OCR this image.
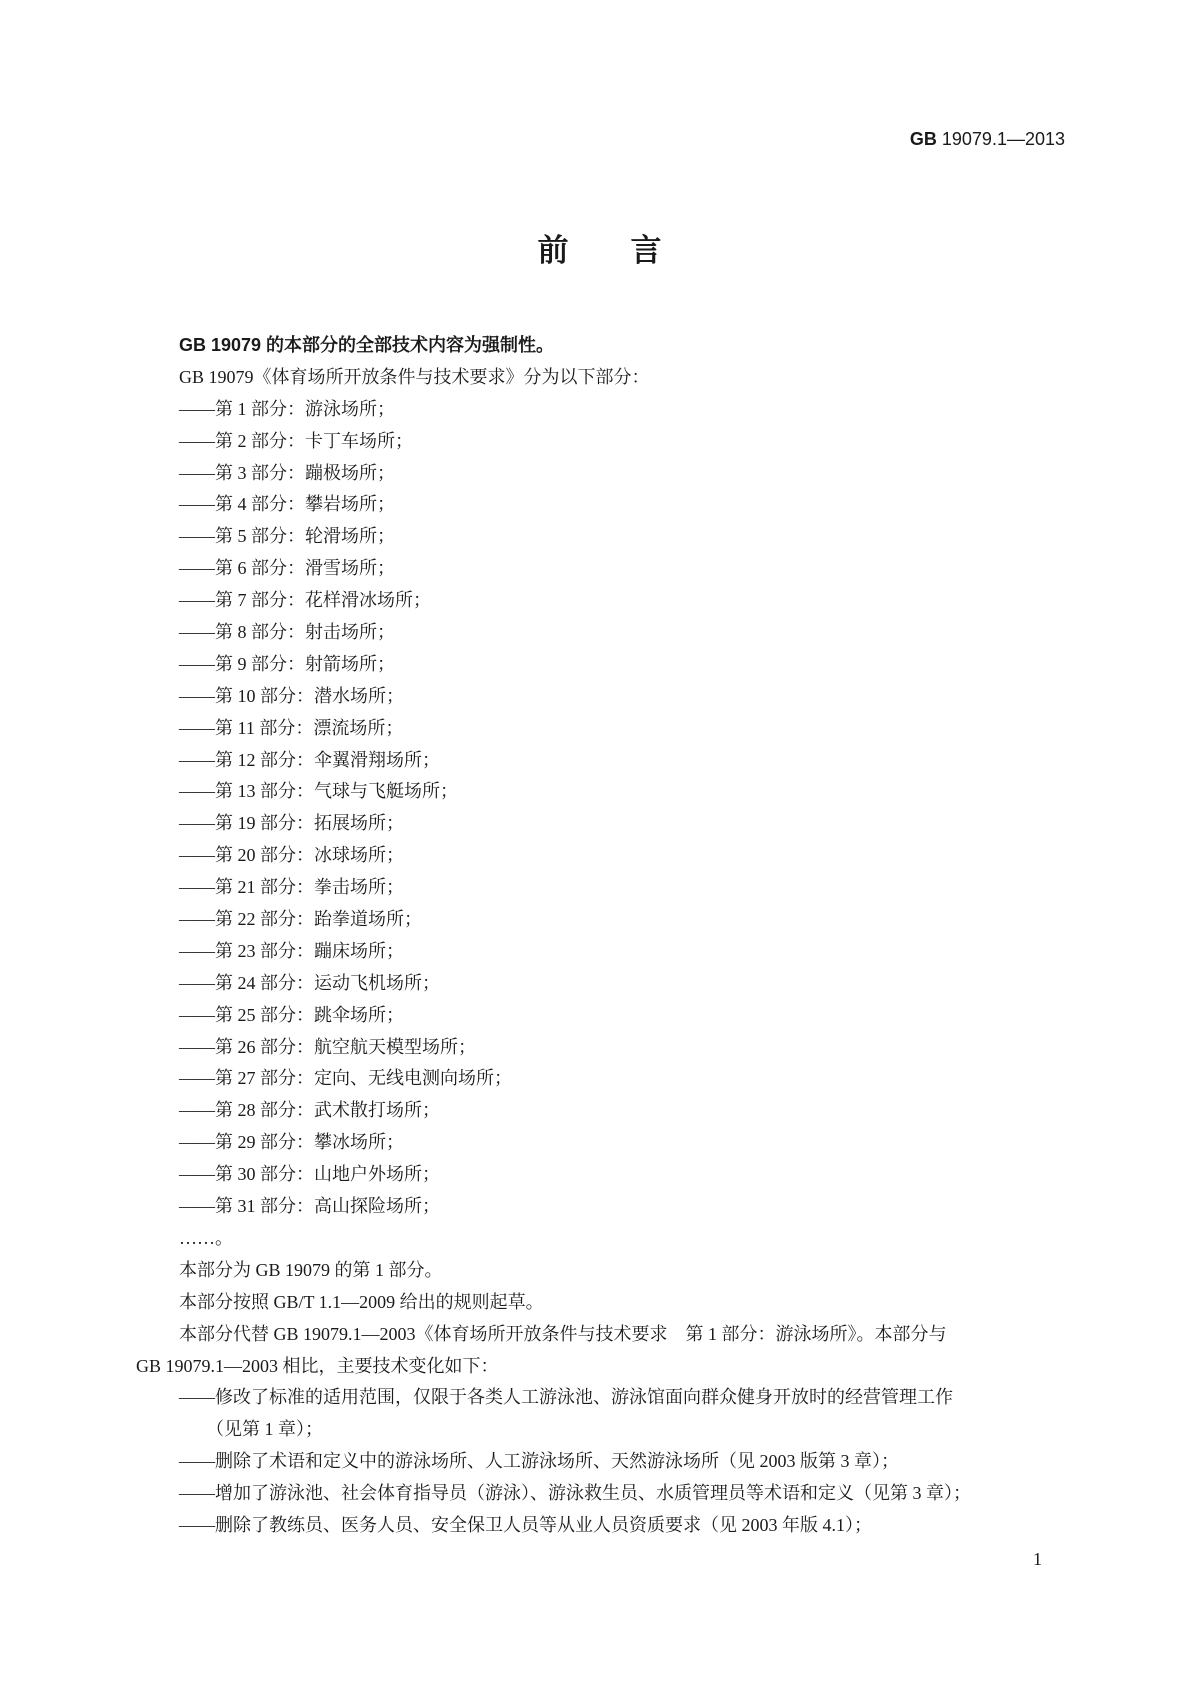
GB 19079.1—2013
前　　言
GB 19079 的本部分的全部技术内容为强制性。
GB 19079《体育场所开放条件与技术要求》分为以下部分：
——第 1 部分：游泳场所；
——第 2 部分：卡丁车场所；
——第 3 部分：蹦极场所；
——第 4 部分：攀岩场所；
——第 5 部分：轮滑场所；
——第 6 部分：滑雪场所；
——第 7 部分：花样滑冰场所；
——第 8 部分：射击场所；
——第 9 部分：射箭场所；
——第 10 部分：潜水场所；
——第 11 部分：漂流场所；
——第 12 部分：伞翼滑翔场所；
——第 13 部分：气球与飞艇场所；
——第 19 部分：拓展场所；
——第 20 部分：冰球场所；
——第 21 部分：拳击场所；
——第 22 部分：跆拳道场所；
——第 23 部分：蹦床场所；
——第 24 部分：运动飞机场所；
——第 25 部分：跳伞场所；
——第 26 部分：航空航天模型场所；
——第 27 部分：定向、无线电测向场所；
——第 28 部分：武术散打场所；
——第 29 部分：攀冰场所；
——第 30 部分：山地户外场所；
——第 31 部分：高山探险场所；
……。
本部分为 GB 19079 的第 1 部分。
本部分按照 GB/T 1.1—2009 给出的规则起草。
本部分代替 GB 19079.1—2003《体育场所开放条件与技术要求　第 1 部分：游泳场所》。本部分与
GB 19079.1—2003 相比，主要技术变化如下：
——修改了标准的适用范围，仅限于各类人工游泳池、游泳馆面向群众健身开放时的经营管理工作
（见第 1 章）；
——删除了术语和定义中的游泳场所、人工游泳场所、天然游泳场所（见 2003 版第 3 章）；
——增加了游泳池、社会体育指导员（游泳）、游泳救生员、水质管理员等术语和定义（见第 3 章）；
——删除了教练员、医务人员、安全保卫人员等从业人员资质要求（见 2003 年版 4.1）；
1
